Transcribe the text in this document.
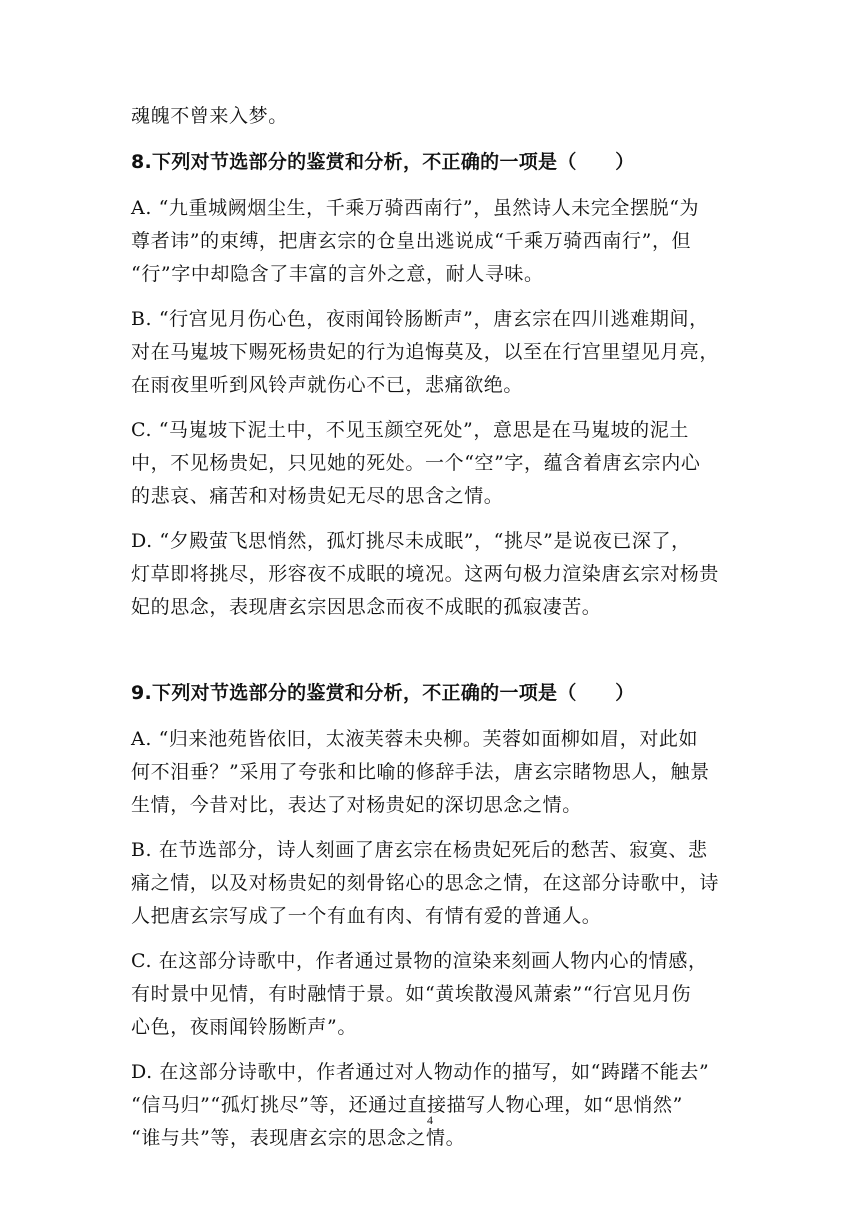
魂魄不曾来入梦。
8.下列对节选部分的鉴赏和分析，不正确的一项是（　　）
A. “九重城阙烟尘生，千乘万骑西南行”，虽然诗人未完全摆脱“为
尊者讳”的束缚，把唐玄宗的仓皇出逃说成“千乘万骑西南行”，但
“行”字中却隐含了丰富的言外之意，耐人寻味。
B. “行宫见月伤心色，夜雨闻铃肠断声”，唐玄宗在四川逃难期间，
对在马嵬坡下赐死杨贵妃的行为追悔莫及，以至在行宫里望见月亮，
在雨夜里听到风铃声就伤心不已，悲痛欲绝。
C. “马嵬坡下泥土中，不见玉颜空死处”，意思是在马嵬坡的泥土
中，不见杨贵妃，只见她的死处。一个“空”字，蕴含着唐玄宗内心
的悲哀、痛苦和对杨贵妃无尽的思含之情。
D. “夕殿萤飞思悄然，孤灯挑尽未成眠”，“挑尽”是说夜已深了，
灯草即将挑尽，形容夜不成眠的境况。这两句极力渲染唐玄宗对杨贵
妃的思念，表现唐玄宗因思念而夜不成眠的孤寂凄苦。
9.下列对节选部分的鉴赏和分析，不正确的一项是（　　）
A. “归来池苑皆依旧，太液芙蓉未央柳。芙蓉如面柳如眉，对此如
何不泪垂？”采用了夸张和比喻的修辞手法，唐玄宗睹物思人，触景
生情，今昔对比，表达了对杨贵妃的深切思念之情。
B. 在节选部分，诗人刻画了唐玄宗在杨贵妃死后的愁苦、寂寞、悲
痛之情，以及对杨贵妃的刻骨铭心的思念之情，在这部分诗歌中，诗
人把唐玄宗写成了一个有血有肉、有情有爱的普通人。
C. 在这部分诗歌中，作者通过景物的渲染来刻画人物内心的情感，
有时景中见情，有时融情于景。如“黄埃散漫风萧索”“行宫见月伤
心色，夜雨闻铃肠断声”。
D. 在这部分诗歌中，作者通过对人物动作的描写，如“踌躇不能去”
“信马归”“孤灯挑尽”等，还通过直接描写人物心理，如“思悄然”
“谁与共”等，表现唐玄宗的思念之情。
4
